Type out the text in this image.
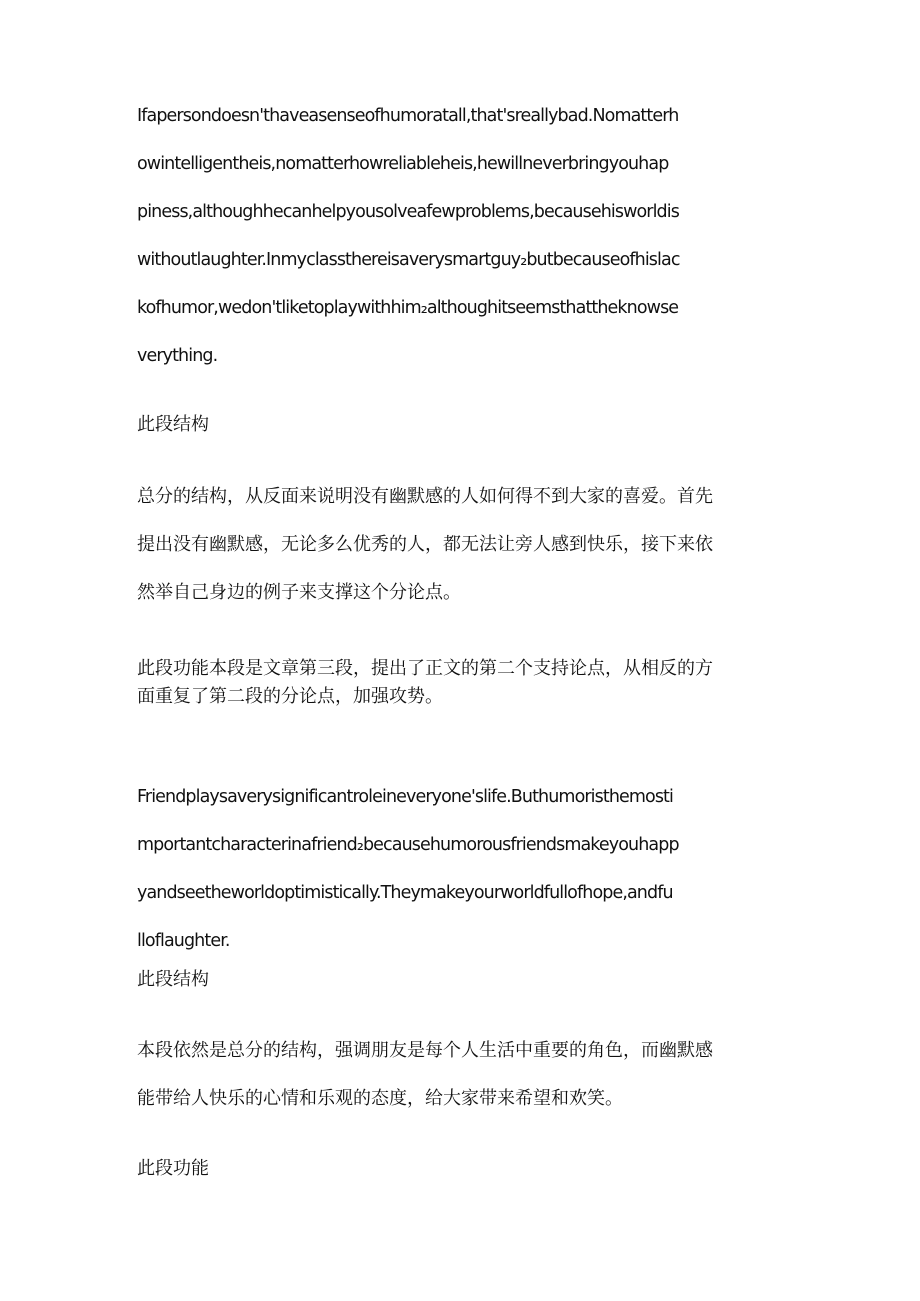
Ifapersondoesn'thaveasenseofhumoratall,that'sreallybad.Nomatterh
owintelligentheis,nomatterhowreliableheis,hewillneverbringyouhap
piness,althoughhecanhelpyousolveafewproblems,becausehisworldis
withoutlaughter.Inmyclassthereisaverysmartguy₂butbecauseofhislac
kofhumor,wedon'tliketoplaywithhim₂althoughitseemsthattheknowse
verything.
此段结构
总分的结构，从反面来说明没有幽默感的人如何得不到大家的喜爱。首先
提出没有幽默感，无论多么优秀的人，都无法让旁人感到快乐，接下来依
然举自己身边的例子来支撑这个分论点。
此段功能本段是文章第三段，提出了正文的第二个支持论点，从相反的方
面重复了第二段的分论点，加强攻势。
Friendplaysaverysignificantroleineveryone'slife.Buthumoristhemosti
mportantcharacterinafriend₂becausehumorousfriendsmakeyouhapp
yandseetheworldoptimistically.Theymakeyourworldfullofhope,andfu
lloflaughter.
此段结构
本段依然是总分的结构，强调朋友是每个人生活中重要的角色，而幽默感
能带给人快乐的心情和乐观的态度，给大家带来希望和欢笑。
此段功能
